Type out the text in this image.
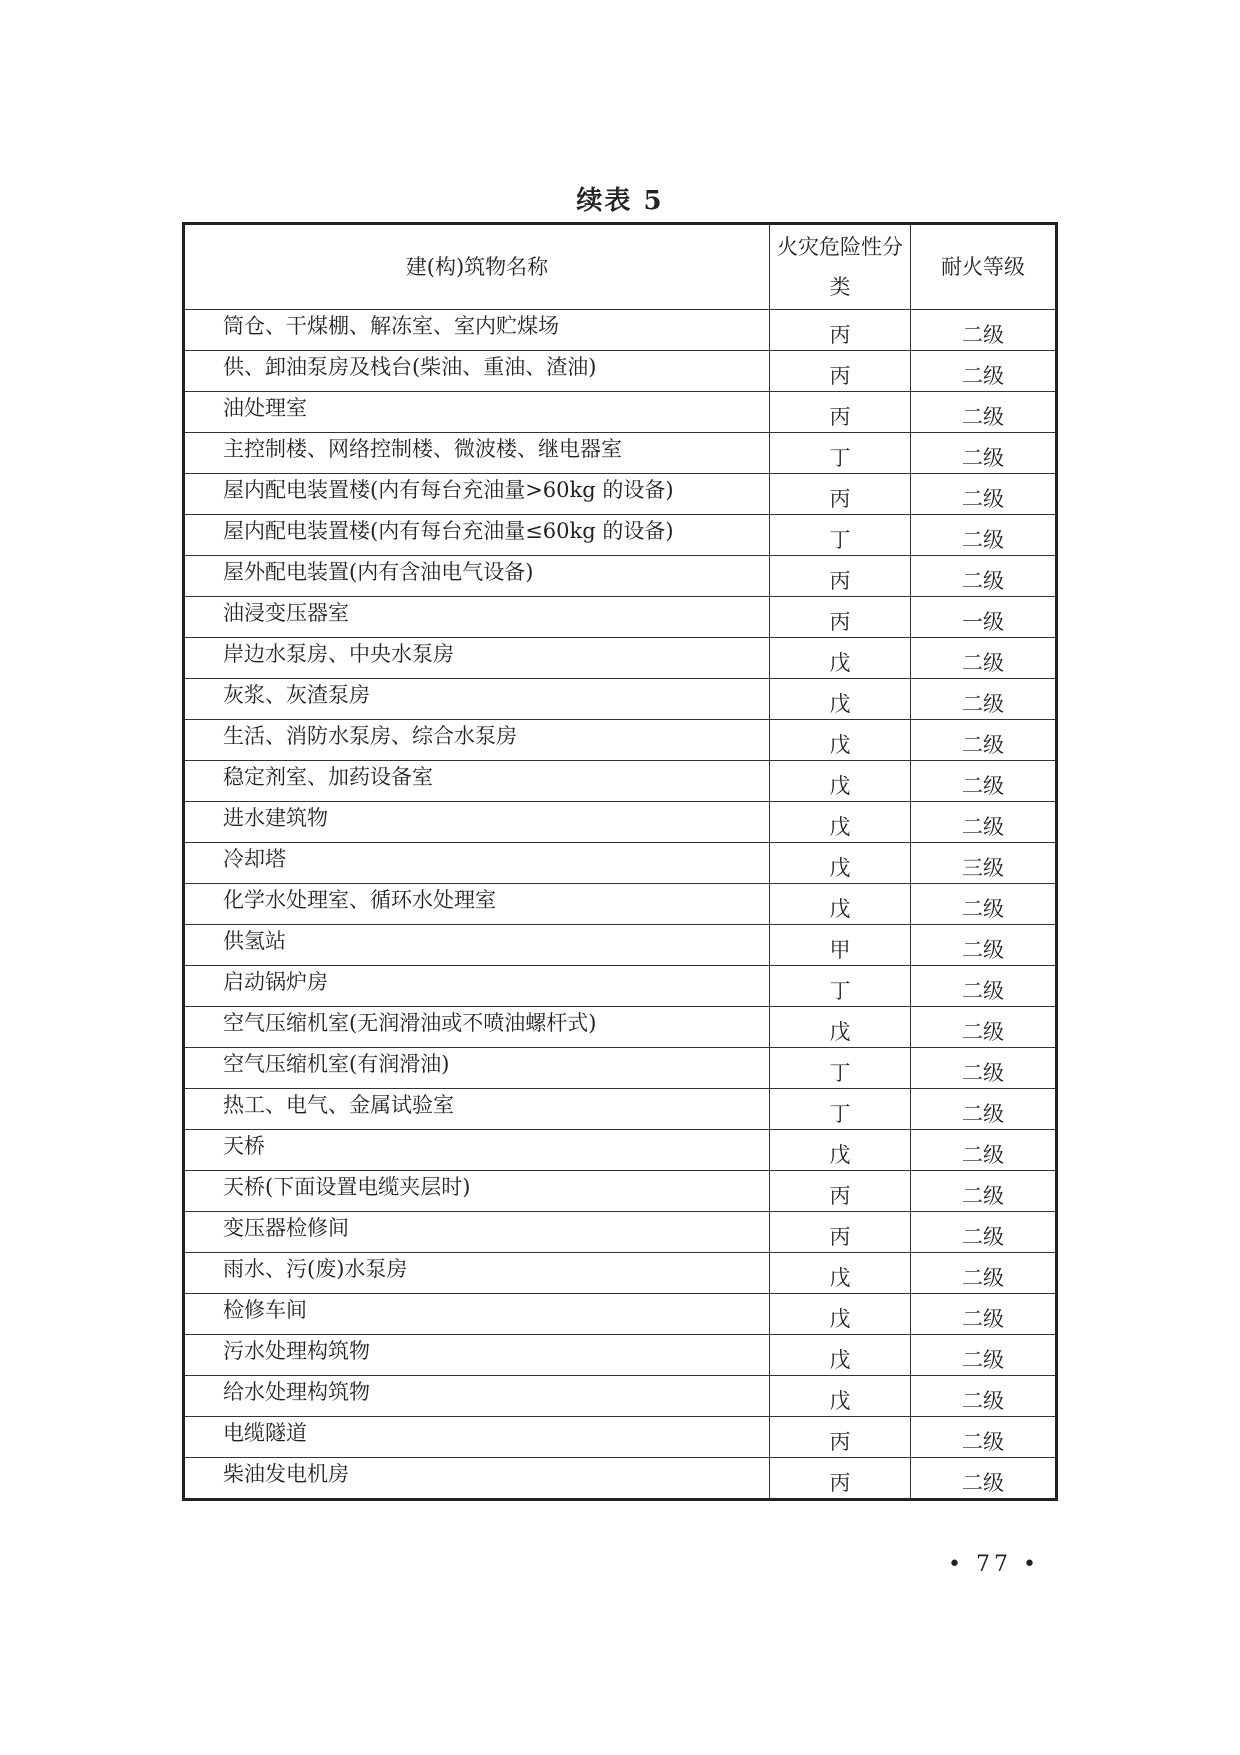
续表 5
建(构)筑物名称	火灾危险性分类	耐火等级
筒仓、干煤棚、解冻室、室内贮煤场	丙	二级
供、卸油泵房及栈台(柴油、重油、渣油)	丙	二级
油处理室	丙	二级
主控制楼、网络控制楼、微波楼、继电器室	丁	二级
屋内配电装置楼(内有每台充油量>60kg 的设备)	丙	二级
屋内配电装置楼(内有每台充油量≤60kg 的设备)	丁	二级
屋外配电装置(内有含油电气设备)	丙	二级
油浸变压器室	丙	一级
岸边水泵房、中央水泵房	戊	二级
灰浆、灰渣泵房	戊	二级
生活、消防水泵房、综合水泵房	戊	二级
稳定剂室、加药设备室	戊	二级
进水建筑物	戊	二级
冷却塔	戊	三级
化学水处理室、循环水处理室	戊	二级
供氢站	甲	二级
启动锅炉房	丁	二级
空气压缩机室(无润滑油或不喷油螺杆式)	戊	二级
空气压缩机室(有润滑油)	丁	二级
热工、电气、金属试验室	丁	二级
天桥	戊	二级
天桥(下面设置电缆夹层时)	丙	二级
变压器检修间	丙	二级
雨水、污(废)水泵房	戊	二级
检修车间	戊	二级
污水处理构筑物	戊	二级
给水处理构筑物	戊	二级
电缆隧道	丙	二级
柴油发电机房	丙	二级
• 77 •
